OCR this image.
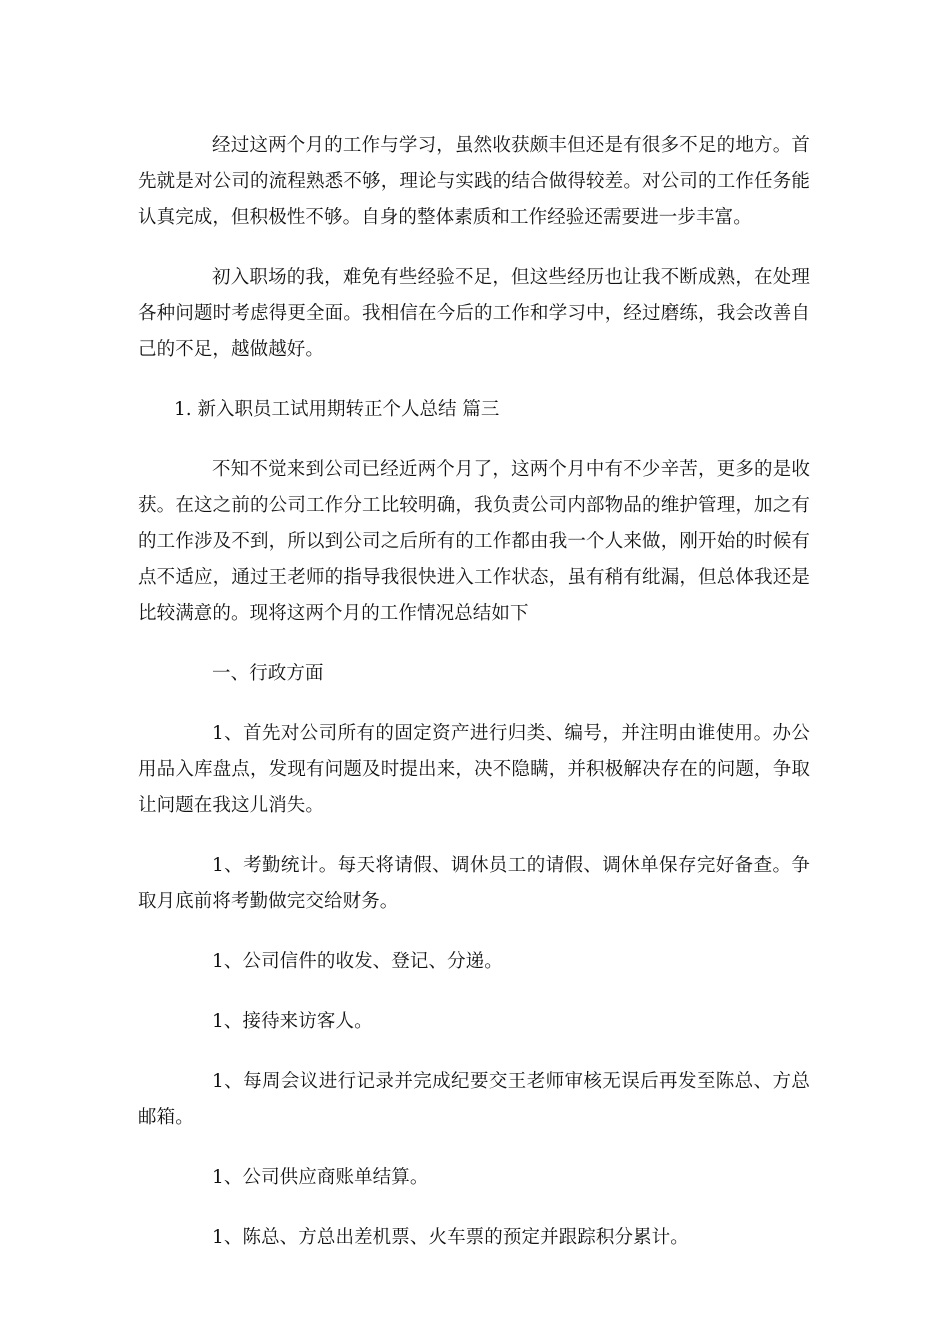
经过这两个月的工作与学习，虽然收获颇丰但还是有很多不足的地方。首先就是对公司的流程熟悉不够，理论与实践的结合做得较差。对公司的工作任务能认真完成，但积极性不够。自身的整体素质和工作经验还需要进一步丰富。

初入职场的我，难免有些经验不足，但这些经历也让我不断成熟，在处理各种问题时考虑得更全面。我相信在今后的工作和学习中，经过磨练，我会改善自己的不足，越做越好。

1. 新入职员工试用期转正个人总结 篇三

不知不觉来到公司已经近两个月了，这两个月中有不少辛苦，更多的是收获。在这之前的公司工作分工比较明确，我负责公司内部物品的维护管理，加之有的工作涉及不到，所以到公司之后所有的工作都由我一个人来做，刚开始的时候有点不适应，通过王老师的指导我很快进入工作状态，虽有稍有纰漏，但总体我还是比较满意的。现将这两个月的工作情况总结如下

一、行政方面

1、首先对公司所有的固定资产进行归类、编号，并注明由谁使用。办公用品入库盘点，发现有问题及时提出来，决不隐瞒，并积极解决存在的问题，争取让问题在我这儿消失。

1、考勤统计。每天将请假、调休员工的请假、调休单保存完好备查。争取月底前将考勤做完交给财务。

1、公司信件的收发、登记、分递。

1、接待来访客人。

1、每周会议进行记录并完成纪要交王老师审核无误后再发至陈总、方总邮箱。

1、公司供应商账单结算。

1、陈总、方总出差机票、火车票的预定并跟踪积分累计。
